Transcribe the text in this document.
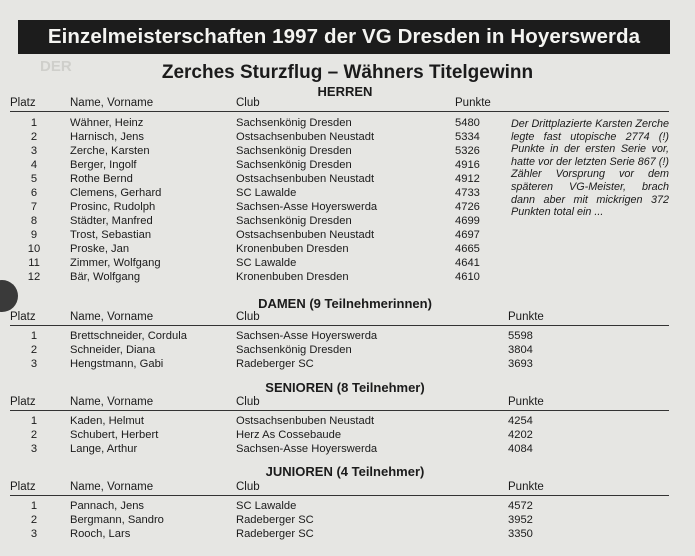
DER
Einzelmeisterschaften 1997 der VG Dresden in Hoyerswerda
Zerches Sturzflug – Wähners Titelgewinn
HERREN
Platz	Name, Vorname	Club	Punkte
1	Wähner, Heinz	Sachsenkönig Dresden	5480
2	Harnisch, Jens	Ostsachsenbuben Neustadt	5334
3	Zerche, Karsten	Sachsenkönig Dresden	5326
4	Berger, Ingolf	Sachsenkönig Dresden	4916
5	Rothe Bernd	Ostsachsenbuben Neustadt	4912
6	Clemens, Gerhard	SC Lawalde	4733
7	Prosinc, Rudolph	Sachsen-Asse Hoyerswerda	4726
8	Städter, Manfred	Sachsenkönig Dresden	4699
9	Trost, Sebastian	Ostsachsenbuben Neustadt	4697
10	Proske, Jan	Kronenbuben Dresden	4665
11	Zimmer, Wolfgang	SC Lawalde	4641
12	Bär, Wolfgang	Kronenbuben Dresden	4610
Der Drittplazierte Karsten Zerche legte fast utopische 2774 (!) Punkte in der ersten Serie vor, hatte vor der letzten Serie 867 (!) Zähler Vorsprung vor dem späteren VG-Meister, brach dann aber mit mickrigen 372 Punkten total ein ...
DAMEN (9 Teilnehmerinnen)
Platz	Name, Vorname	Club	Punkte
1	Brettschneider, Cordula	Sachsen-Asse Hoyerswerda	5598
2	Schneider, Diana	Sachsenkönig Dresden	3804
3	Hengstmann, Gabi	Radeberger SC	3693
SENIOREN (8 Teilnehmer)
Platz	Name, Vorname	Club	Punkte
1	Kaden, Helmut	Ostsachsenbuben Neustadt	4254
2	Schubert, Herbert	Herz As Cossebaude	4202
3	Lange, Arthur	Sachsen-Asse Hoyerswerda	4084
JUNIOREN (4 Teilnehmer)
Platz	Name, Vorname	Club	Punkte
1	Pannach, Jens	SC Lawalde	4572
2	Bergmann, Sandro	Radeberger SC	3952
3	Rooch, Lars	Radeberger SC	3350
